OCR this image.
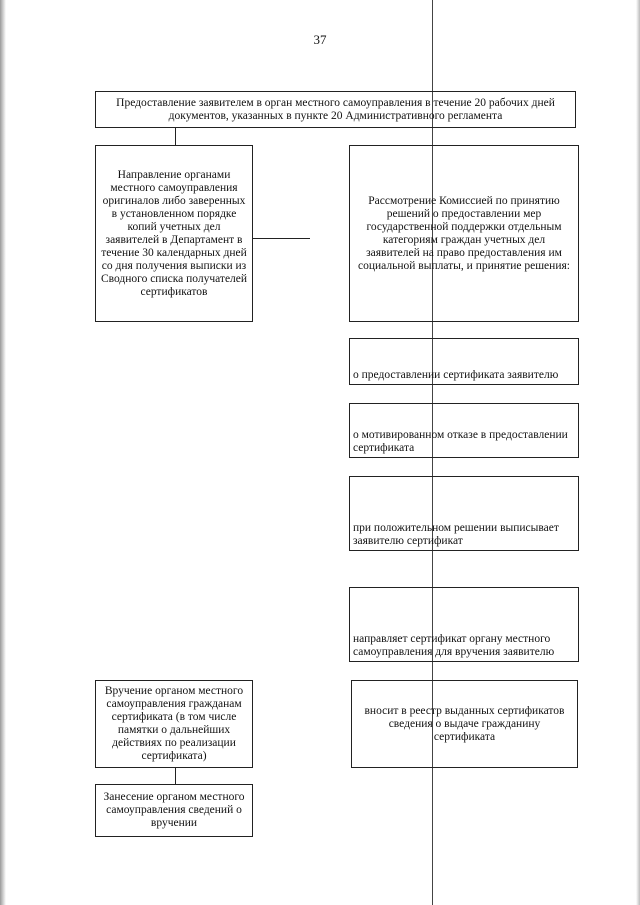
37
Предоставление заявителем в орган местного самоуправления в течение 20 рабочих дней документов, указанных в пункте 20 Административного регламента
Направление органами местного самоуправления оригиналов либо заверенных в установленном порядке копий учетных дел заявителей в Департамент в течение 30 календарных дней со дня получения выписки из Сводного списка получателей сертификатов
Рассмотрение Комиссией по принятию решений о предоставлении мер государственной поддержки отдельным категориям граждан учетных дел заявителей на право предоставления им социальной выплаты, и принятие решения:
о предоставлении сертификата заявителю
о мотивированном отказе в предоставлении сертификата
при положительном решении выписывает заявителю сертификат
направляет сертификат органу местного самоуправления для вручения заявителю
вносит в реестр выданных сертификатов сведения о выдаче гражданину сертификата
Вручение органом местного самоуправления гражданам сертификата (в том числе памятки о дальнейших действиях по реализации сертификата)
Занесение органом местного самоуправления сведений о вручении
